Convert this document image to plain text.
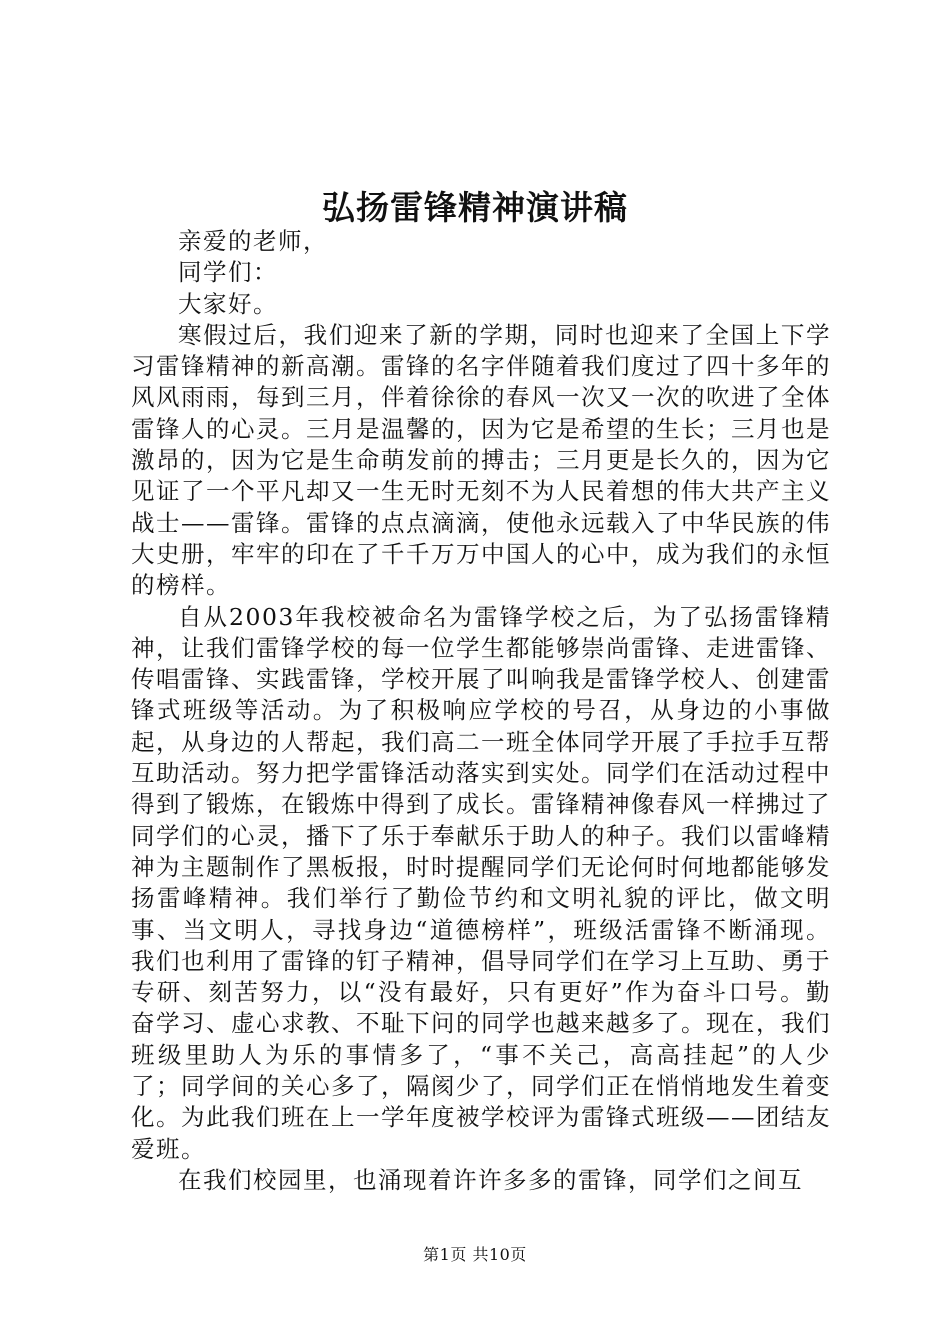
弘扬雷锋精神演讲稿

亲爱的老师，

同学们：

大家好。

寒假过后，我们迎来了新的学期，同时也迎来了全国上下学习雷锋精神的新高潮。雷锋的名字伴随着我们度过了四十多年的风风雨雨，每到三月，伴着徐徐的春风一次又一次的吹进了全体雷锋人的心灵。三月是温馨的，因为它是希望的生长；三月也是激昂的，因为它是生命萌发前的搏击；三月更是长久的，因为它见证了一个平凡却又一生无时无刻不为人民着想的伟大共产主义战士——雷锋。雷锋的点点滴滴，使他永远载入了中华民族的伟大史册，牢牢的印在了千千万万中国人的心中，成为我们的永恒的榜样。

自从2003年我校被命名为雷锋学校之后，为了弘扬雷锋精神，让我们雷锋学校的每一位学生都能够崇尚雷锋、走进雷锋、传唱雷锋、实践雷锋，学校开展了叫响我是雷锋学校人、创建雷锋式班级等活动。为了积极响应学校的号召，从身边的小事做起，从身边的人帮起，我们高二一班全体同学开展了手拉手互帮互助活动。努力把学雷锋活动落实到实处。同学们在活动过程中得到了锻炼，在锻炼中得到了成长。雷锋精神像春风一样拂过了同学们的心灵，播下了乐于奉献乐于助人的种子。我们以雷峰精神为主题制作了黑板报，时时提醒同学们无论何时何地都能够发扬雷峰精神。我们举行了勤俭节约和文明礼貌的评比，做文明事、当文明人，寻找身边“道德榜样”，班级活雷锋不断涌现。我们也利用了雷锋的钉子精神，倡导同学们在学习上互助、勇于专研、刻苦努力，以“没有最好，只有更好”作为奋斗口号。勤奋学习、虚心求教、不耻下问的同学也越来越多了。现在，我们班级里助人为乐的事情多了，“事不关己，高高挂起”的人少了；同学间的关心多了，隔阂少了，同学们正在悄悄地发生着变化。为此我们班在上一学年度被学校评为雷锋式班级——团结友爱班。

在我们校园里，也涌现着许许多多的雷锋，同学们之间互

第1页 共10页
